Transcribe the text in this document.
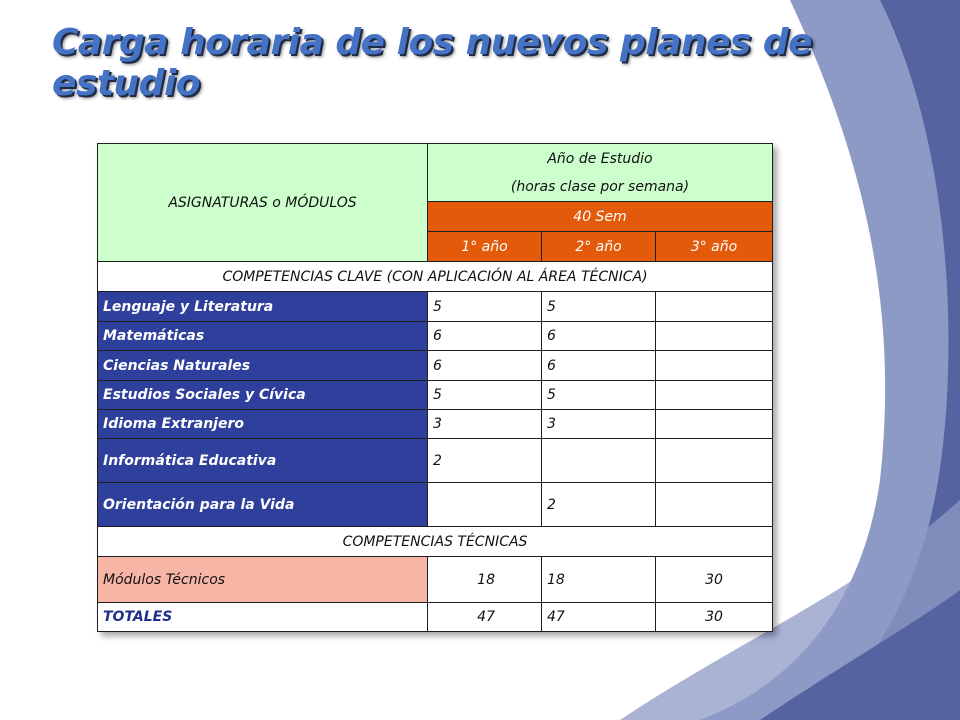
Carga horaria de los nuevos planes de estudio
ASIGNATURAS o MÓDULOS	Año de Estudio
(horas clase por semana)		

	40 Sem		
	1° año	2° año	3° año
COMPETENCIAS CLAVE (CON APLICACIÓN AL ÁREA TÉCNICA)			
Lenguaje y Literatura	5	5	
Matemáticas	6	6	
Ciencias Naturales	6	6	
Estudios Sociales y Cívica	5	5	
Idioma Extranjero	3	3	
Informática Educativa	2		
Orientación para la Vida		2	
COMPETENCIAS TÉCNICAS			
Módulos Técnicos	18	18	30
TOTALES	47	47	30
